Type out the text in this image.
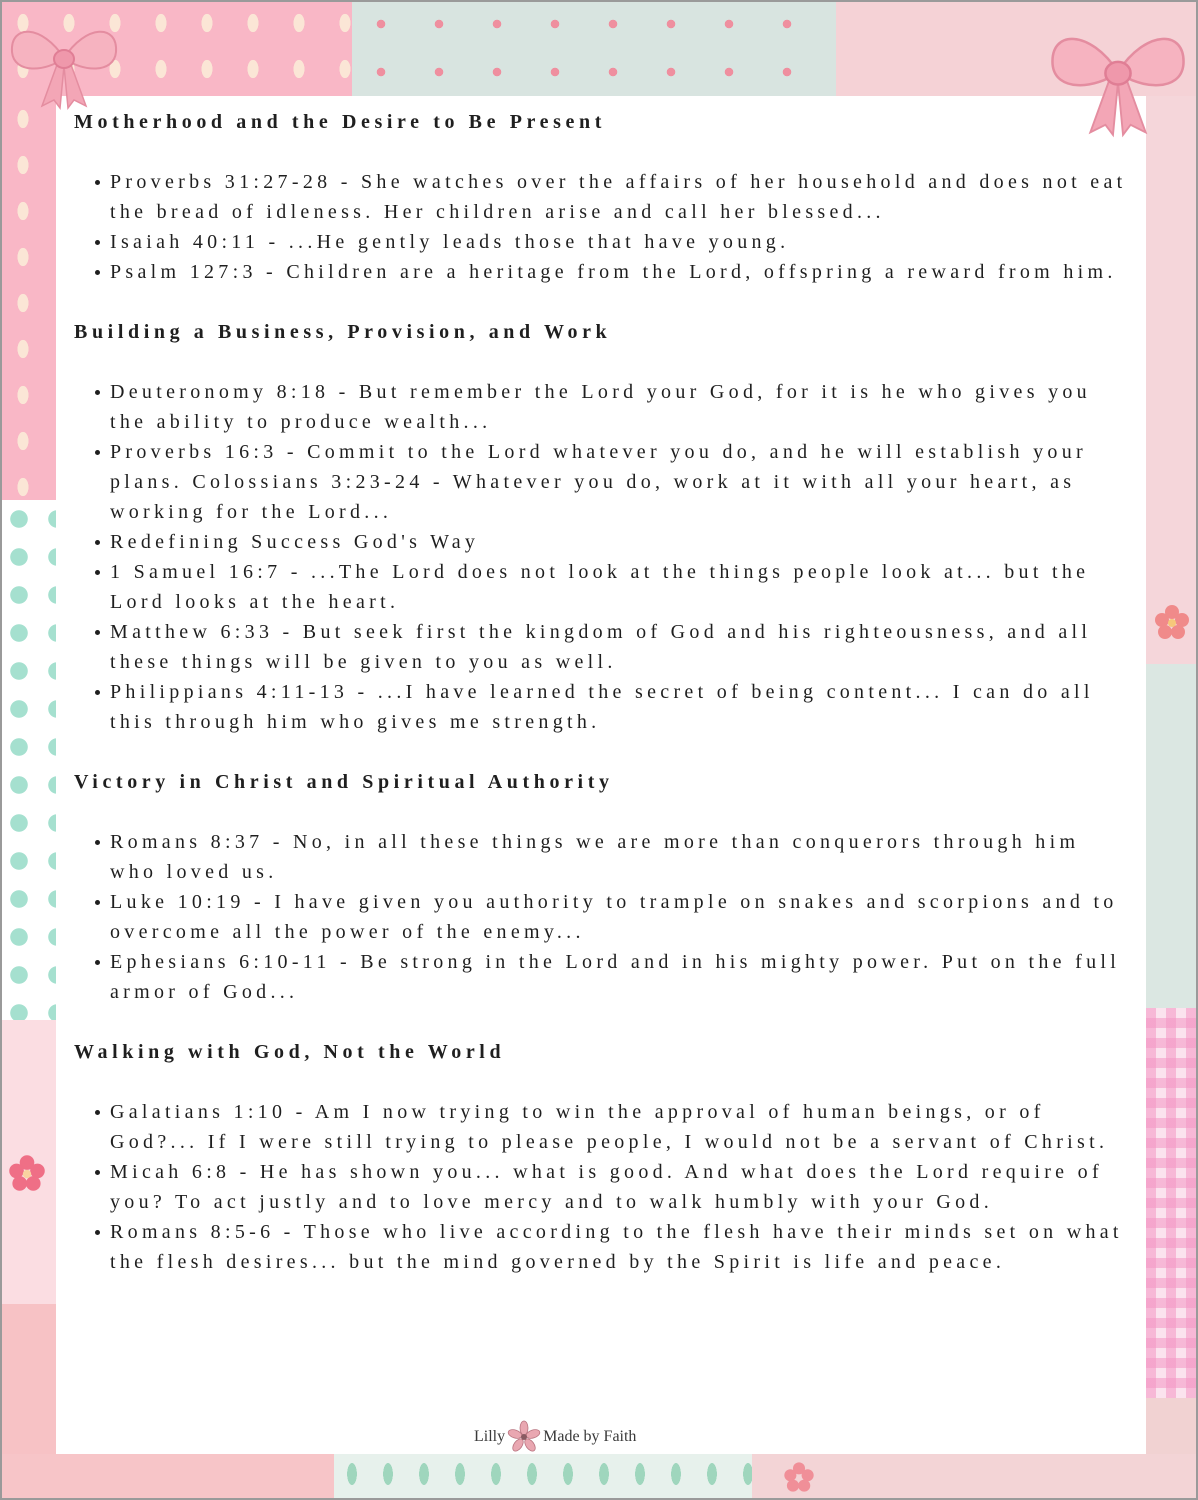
Motherhood and the Desire to Be Present
Proverbs 31:27-28 - She watches over the affairs of her household and does not eat the bread of idleness. Her children arise and call her blessed...
Isaiah 40:11 - ...He gently leads those that have young.
Psalm 127:3 - Children are a heritage from the Lord, offspring a reward from him.
Building a Business, Provision, and Work
Deuteronomy 8:18 - But remember the Lord your God, for it is he who gives you the ability to produce wealth...
Proverbs 16:3 - Commit to the Lord whatever you do, and he will establish your plans. Colossians 3:23-24 - Whatever you do, work at it with all your heart, as working for the Lord...
Redefining Success God's Way
1 Samuel 16:7 - ...The Lord does not look at the things people look at... but the Lord looks at the heart.
Matthew 6:33 - But seek first the kingdom of God and his righteousness, and all these things will be given to you as well.
Philippians 4:11-13 - ...I have learned the secret of being content... I can do all this through him who gives me strength.
Victory in Christ and Spiritual Authority
Romans 8:37 - No, in all these things we are more than conquerors through him who loved us.
Luke 10:19 - I have given you authority to trample on snakes and scorpions and to overcome all the power of the enemy...
Ephesians 6:10-11 - Be strong in the Lord and in his mighty power. Put on the full armor of God...
Walking with God, Not the World
Galatians 1:10 - Am I now trying to win the approval of human beings, or of God?... If I were still trying to please people, I would not be a servant of Christ.
Micah 6:8 - He has shown you... what is good. And what does the Lord require of you? To act justly and to love mercy and to walk humbly with your God.
Romans 8:5-6 - Those who live according to the flesh have their minds set on what the flesh desires... but the mind governed by the Spirit is life and peace.
Lilly Made by Faith
